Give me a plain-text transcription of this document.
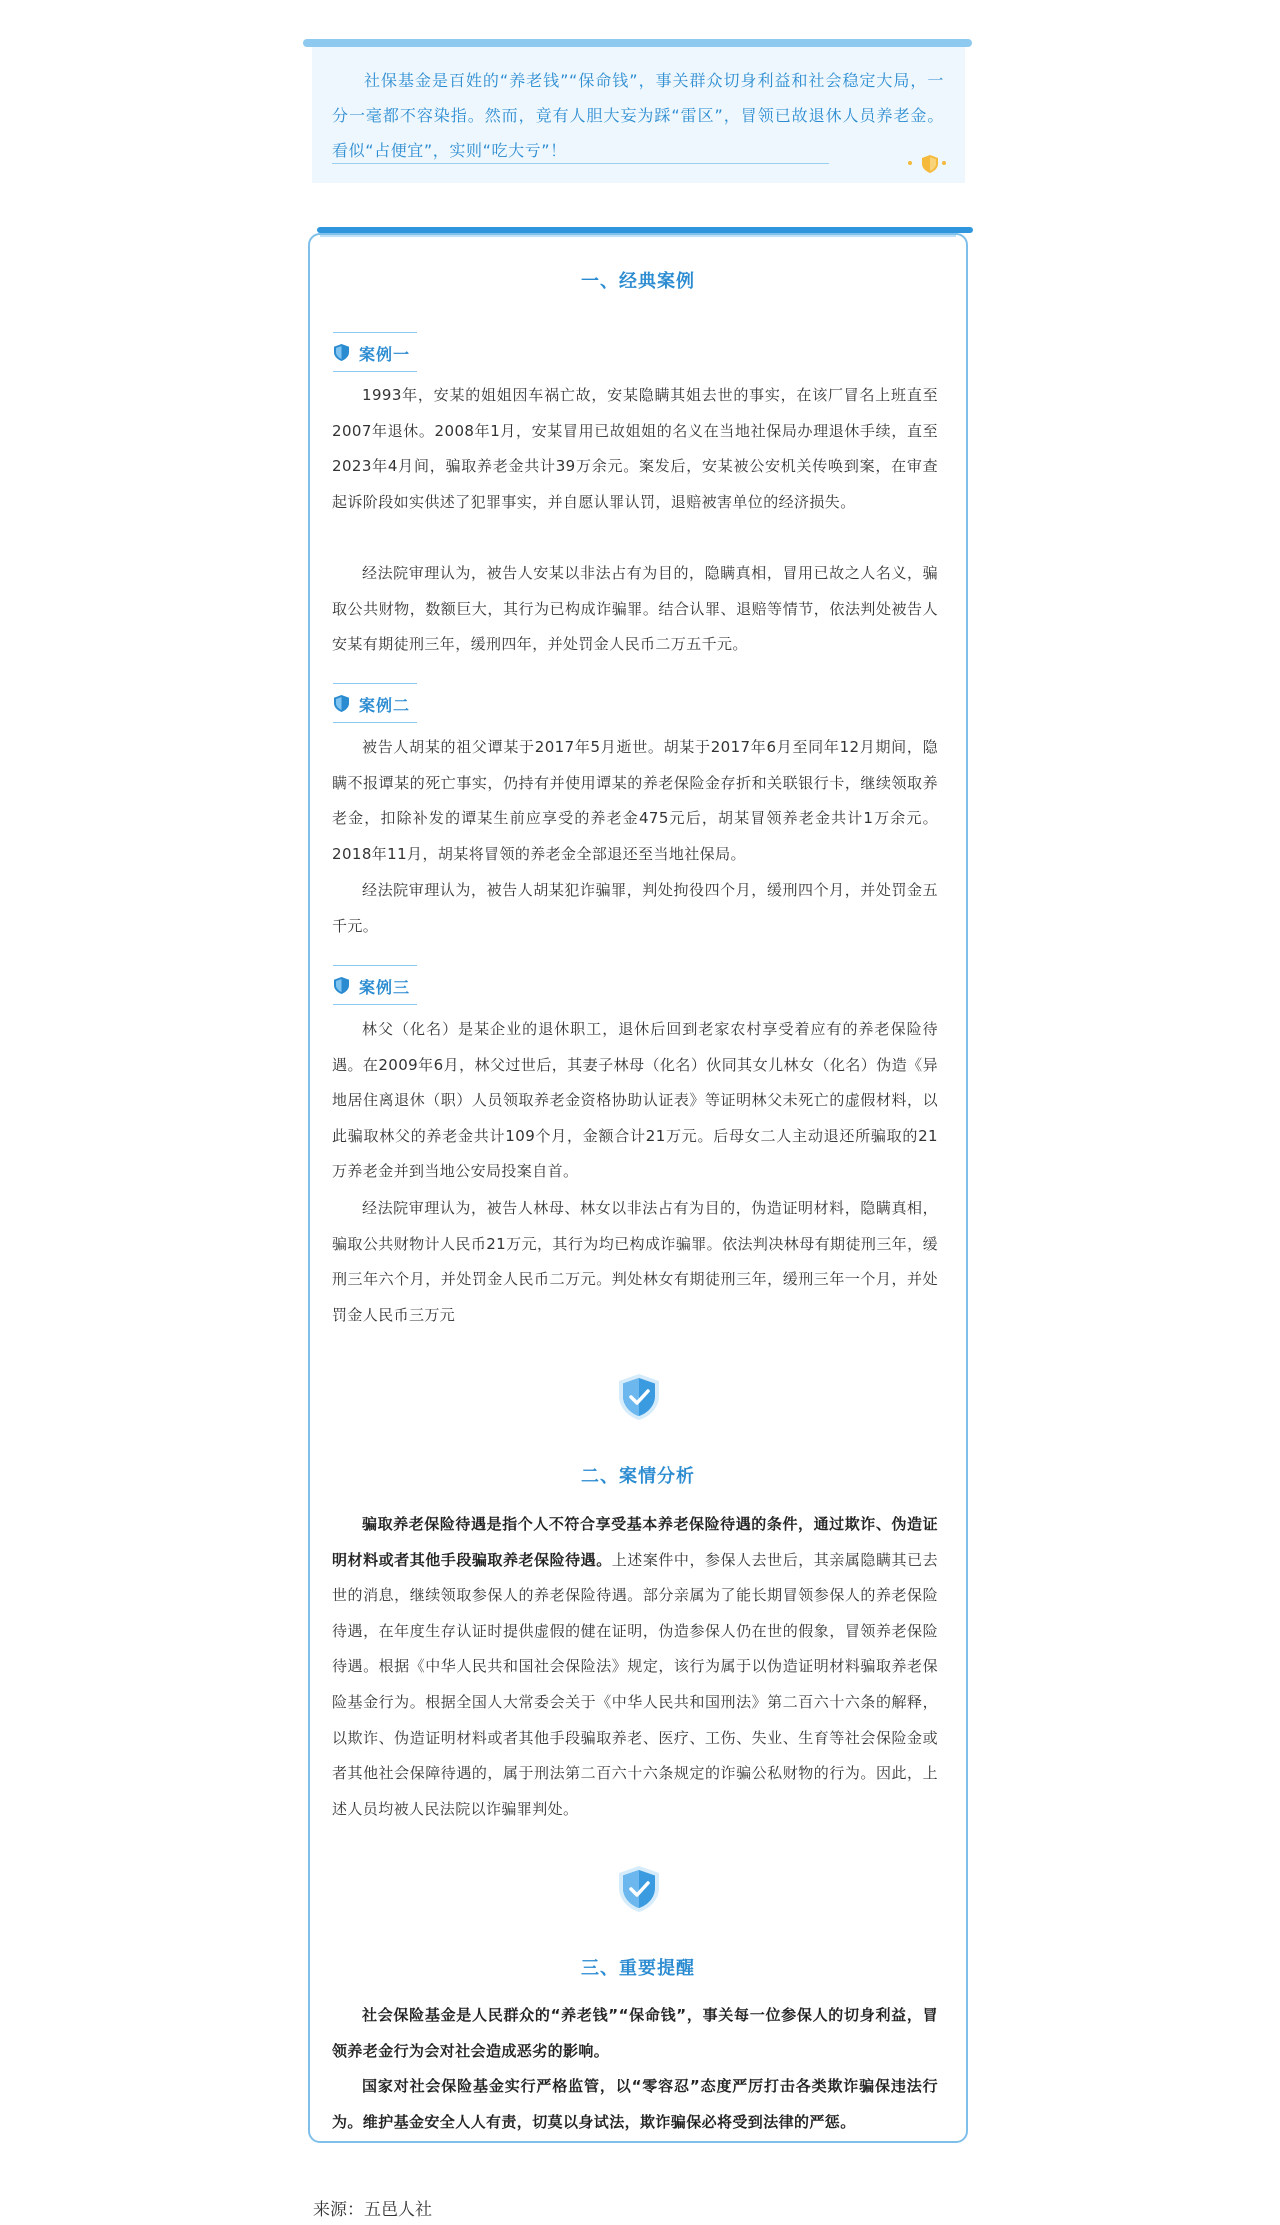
社保基金是百姓的“养老钱”“保命钱”，事关群众切身利益和社会稳定大局，一分一毫都不容染指。然而，竟有人胆大妄为踩“雷区”，冒领已故退休人员养老金。看似“占便宜”，实则“吃大亏”！

一、经典案例
案例一

1993年，安某的姐姐因车祸亡故，安某隐瞒其姐去世的事实，在该厂冒名上班直至2007年退休。2008年1月，安某冒用已故姐姐的名义在当地社保局办理退休手续，直至2023年4月间，骗取养老金共计39万余元。案发后，安某被公安机关传唤到案，在审查起诉阶段如实供述了犯罪事实，并自愿认罪认罚，退赔被害单位的经济损失。

经法院审理认为，被告人安某以非法占有为目的，隐瞒真相，冒用已故之人名义，骗取公共财物，数额巨大，其行为已构成诈骗罪。结合认罪、退赔等情节，依法判处被告人安某有期徒刑三年，缓刑四年，并处罚金人民币二万五千元。

案例二

被告人胡某的祖父谭某于2017年5月逝世。胡某于2017年6月至同年12月期间，隐瞒不报谭某的死亡事实，仍持有并使用谭某的养老保险金存折和关联银行卡，继续领取养老金，扣除补发的谭某生前应享受的养老金475元后，胡某冒领养老金共计1万余元。2018年11月，胡某将冒领的养老金全部退还至当地社保局。

经法院审理认为，被告人胡某犯诈骗罪，判处拘役四个月，缓刑四个月，并处罚金五千元。

案例三

林父（化名）是某企业的退休职工，退休后回到老家农村享受着应有的养老保险待遇。在2009年6月，林父过世后，其妻子林母（化名）伙同其女儿林女（化名）伪造《异地居住离退休（职）人员领取养老金资格协助认证表》等证明林父未死亡的虚假材料，以此骗取林父的养老金共计109个月，金额合计21万元。后母女二人主动退还所骗取的21万养老金并到当地公安局投案自首。

经法院审理认为，被告人林母、林女以非法占有为目的，伪造证明材料，隐瞒真相，骗取公共财物计人民币21万元，其行为均已构成诈骗罪。依法判决林母有期徒刑三年，缓刑三年六个月，并处罚金人民币二万元。判处林女有期徒刑三年，缓刑三年一个月，并处罚金人民币三万元

二、案情分析

骗取养老保险待遇是指个人不符合享受基本养老保险待遇的条件，通过欺诈、伪造证明材料或者其他手段骗取养老保险待遇。上述案件中，参保人去世后，其亲属隐瞒其已去世的消息，继续领取参保人的养老保险待遇。部分亲属为了能长期冒领参保人的养老保险待遇，在年度生存认证时提供虚假的健在证明，伪造参保人仍在世的假象，冒领养老保险待遇。根据《中华人民共和国社会保险法》规定，该行为属于以伪造证明材料骗取养老保险基金行为。根据全国人大常委会关于《中华人民共和国刑法》第二百六十六条的解释，以欺诈、伪造证明材料或者其他手段骗取养老、医疗、工伤、失业、生育等社会保险金或者其他社会保障待遇的，属于刑法第二百六十六条规定的诈骗公私财物的行为。因此，上述人员均被人民法院以诈骗罪判处。

三、重要提醒

社会保险基金是人民群众的“养老钱”“保命钱”，事关每一位参保人的切身利益，冒领养老金行为会对社会造成恶劣的影响。

国家对社会保险基金实行严格监管，以“零容忍”态度严厉打击各类欺诈骗保违法行为。维护基金安全人人有责，切莫以身试法，欺诈骗保必将受到法律的严惩。

来源：五邑人社
